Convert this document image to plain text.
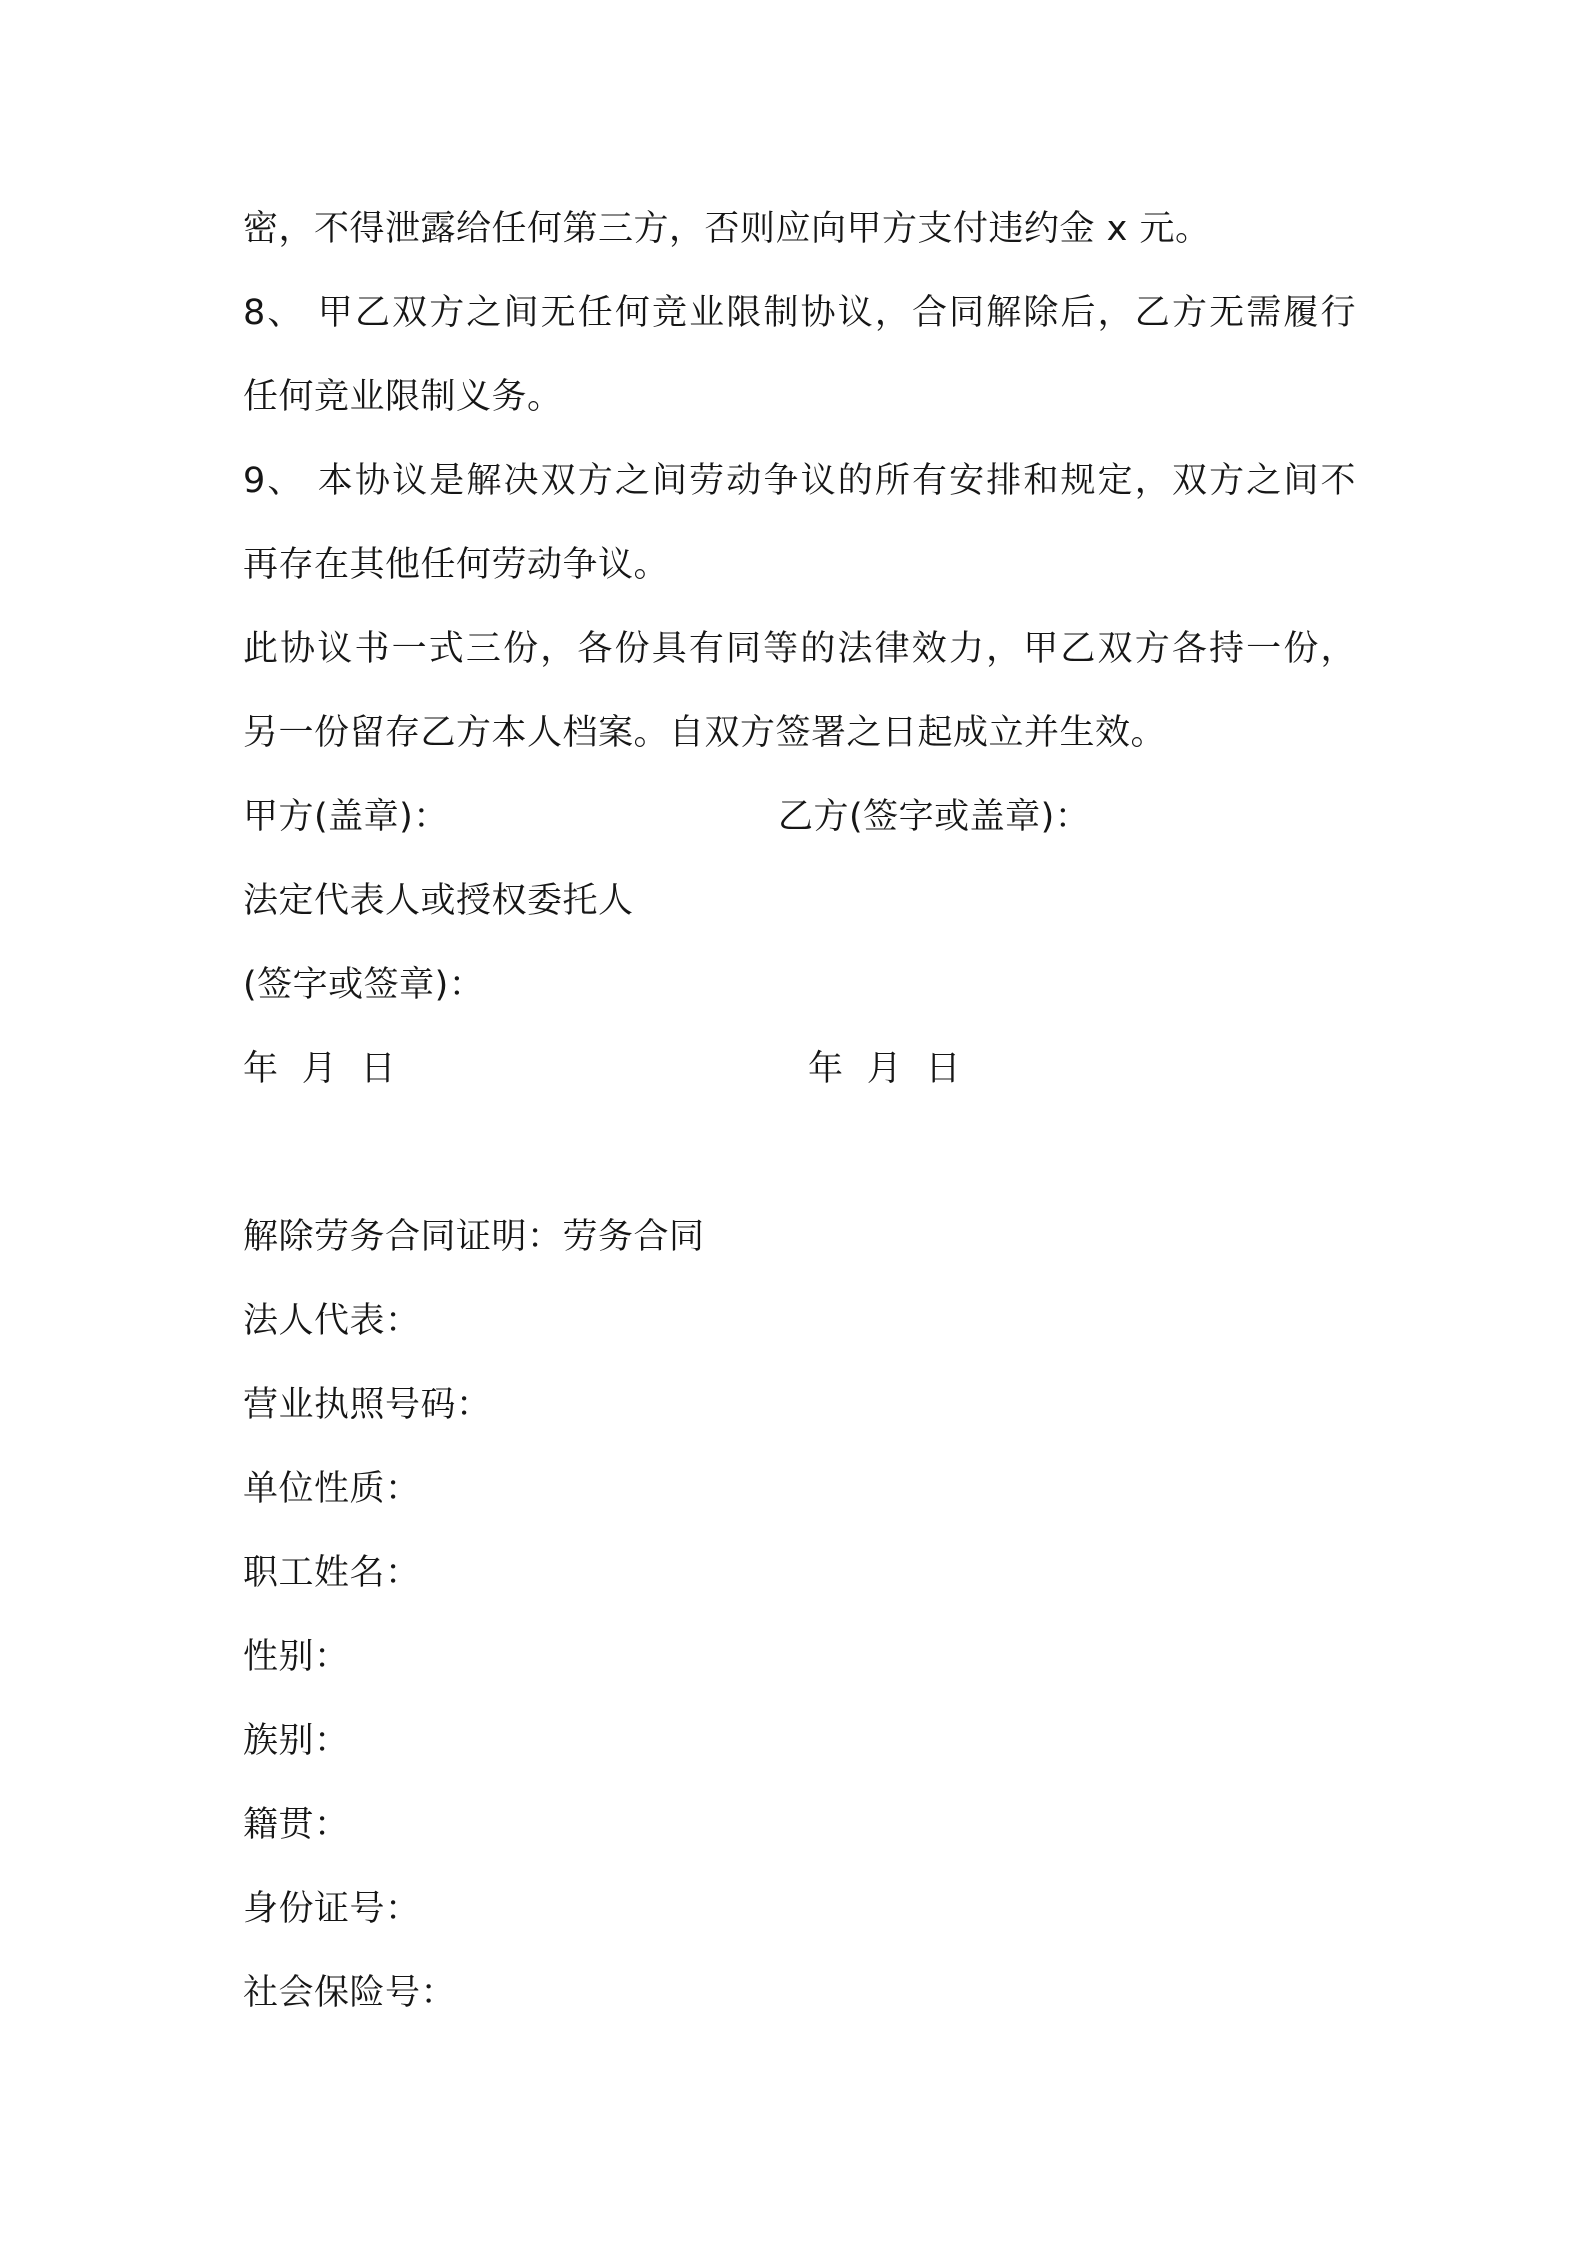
密，不得泄露给任何第三方，否则应向甲方支付违约金 x 元。
8、 甲乙双方之间无任何竞业限制协议，合同解除后，乙方无需履行
任何竞业限制义务。
9、 本协议是解决双方之间劳动争议的所有安排和规定，双方之间不
再存在其他任何劳动争议。
此协议书一式三份，各份具有同等的法律效力，甲乙双方各持一份，
另一份留存乙方本人档案。自双方签署之日起成立并生效。
甲方(盖章)：	乙方(签字或盖章)：
法定代表人或授权委托人
(签字或签章)：
年  月  日	年  月  日
解除劳务合同证明：劳务合同
法人代表：
营业执照号码：
单位性质：
职工姓名：
性别：
族别：
籍贯：
身份证号：
社会保险号：
